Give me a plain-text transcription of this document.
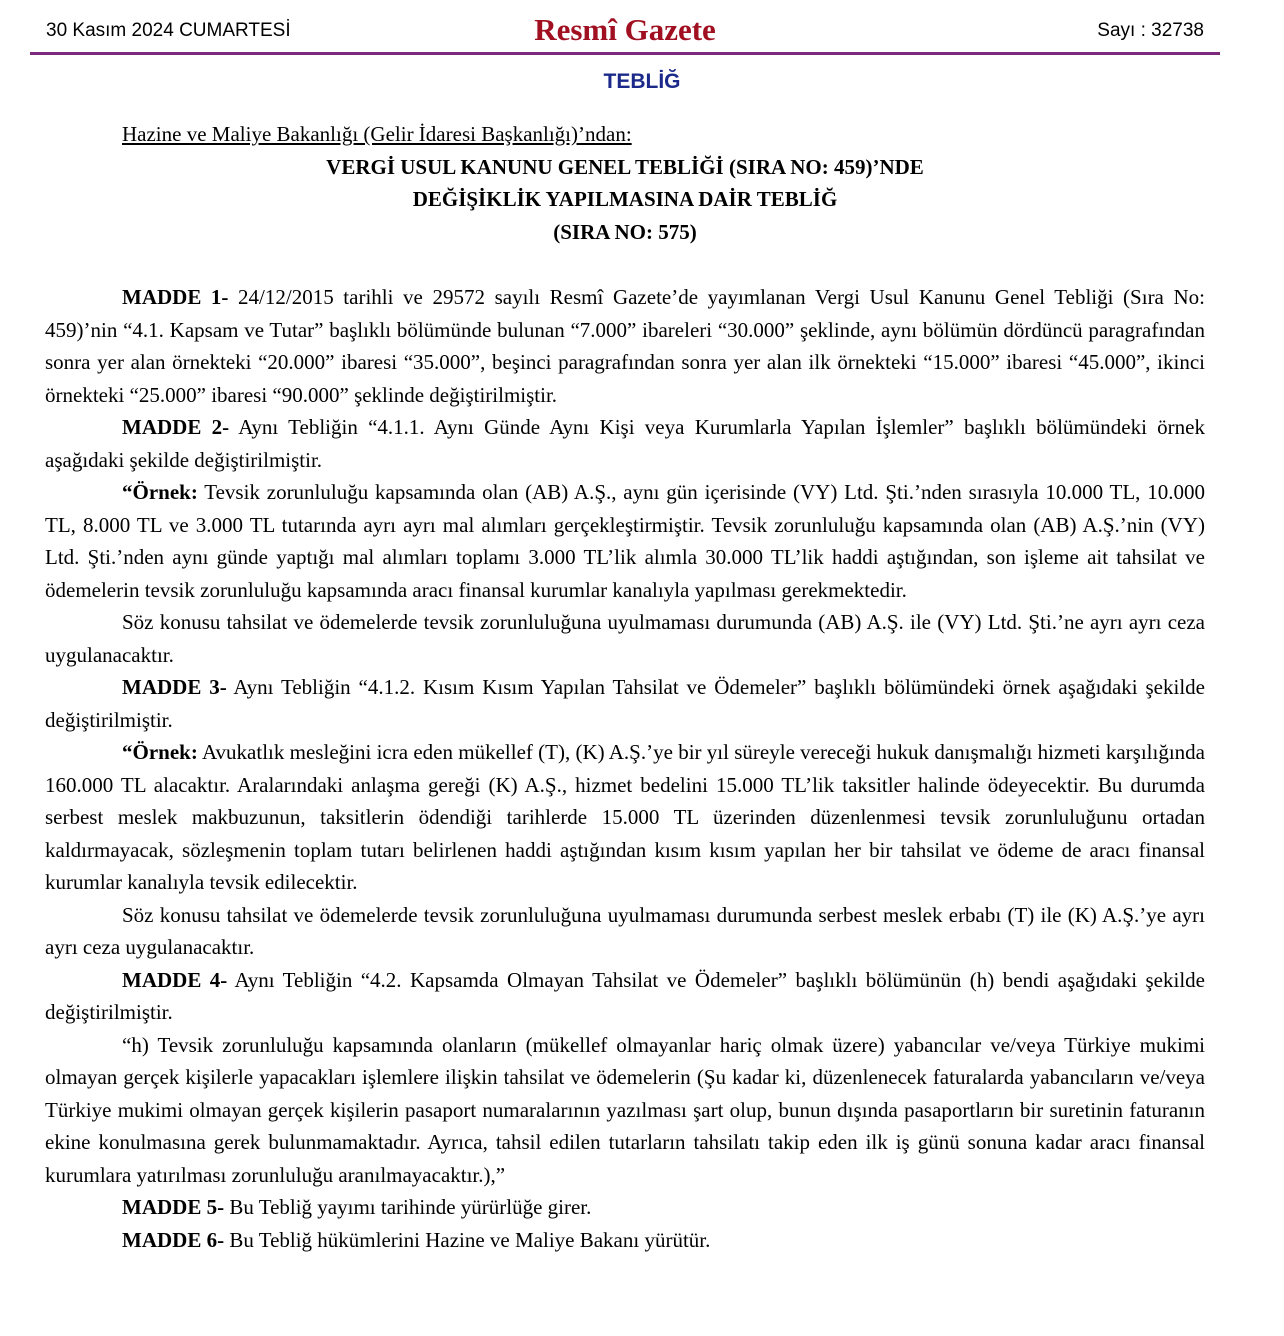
30 Kasım 2024 CUMARTESİ	Resmî Gazete	Sayı : 32738
TEBLİĞ
Hazine ve Maliye Bakanlığı (Gelir İdaresi Başkanlığı)’ndan:
VERGİ USUL KANUNU GENEL TEBLİĞİ (SIRA NO: 459)’NDE
DEĞİŞİKLİK YAPILMASINA DAİR TEBLİĞ
(SIRA NO: 575)

MADDE 1- 24/12/2015 tarihli ve 29572 sayılı Resmî Gazete’de yayımlanan Vergi Usul Kanunu Genel Tebliği (Sıra No: 459)’nin “4.1. Kapsam ve Tutar” başlıklı bölümünde bulunan “7.000” ibareleri “30.000” şeklinde, aynı bölümün dördüncü paragrafından sonra yer alan örnekteki “20.000” ibaresi “35.000”, beşinci paragrafından sonra yer alan ilk örnekteki “15.000” ibaresi “45.000”, ikinci örnekteki “25.000” ibaresi “90.000” şeklinde değiştirilmiştir.

MADDE 2- Aynı Tebliğin “4.1.1. Aynı Günde Aynı Kişi veya Kurumlarla Yapılan İşlemler” başlıklı bölümündeki örnek aşağıdaki şekilde değiştirilmiştir.

“Örnek: Tevsik zorunluluğu kapsamında olan (AB) A.Ş., aynı gün içerisinde (VY) Ltd. Şti.’nden sırasıyla 10.000 TL, 10.000 TL, 8.000 TL ve 3.000 TL tutarında ayrı ayrı mal alımları gerçekleştirmiştir. Tevsik zorunluluğu kapsamında olan (AB) A.Ş.’nin (VY) Ltd. Şti.’nden aynı günde yaptığı mal alımları toplamı 3.000 TL’lik alımla 30.000 TL’lik haddi aştığından, son işleme ait tahsilat ve ödemelerin tevsik zorunluluğu kapsamında aracı finansal kurumlar kanalıyla yapılması gerekmektedir.

Söz konusu tahsilat ve ödemelerde tevsik zorunluluğuna uyulmaması durumunda (AB) A.Ş. ile (VY) Ltd. Şti.’ne ayrı ayrı ceza uygulanacaktır.

MADDE 3- Aynı Tebliğin “4.1.2. Kısım Kısım Yapılan Tahsilat ve Ödemeler” başlıklı bölümündeki örnek aşağıdaki şekilde değiştirilmiştir.

“Örnek: Avukatlık mesleğini icra eden mükellef (T), (K) A.Ş.’ye bir yıl süreyle vereceği hukuk danışmalığı hizmeti karşılığında 160.000 TL alacaktır. Aralarındaki anlaşma gereği (K) A.Ş., hizmet bedelini 15.000 TL’lik taksitler halinde ödeyecektir. Bu durumda serbest meslek makbuzunun, taksitlerin ödendiği tarihlerde 15.000 TL üzerinden düzenlenmesi tevsik zorunluluğunu ortadan kaldırmayacak, sözleşmenin toplam tutarı belirlenen haddi aştığından kısım kısım yapılan her bir tahsilat ve ödeme de aracı finansal kurumlar kanalıyla tevsik edilecektir.

Söz konusu tahsilat ve ödemelerde tevsik zorunluluğuna uyulmaması durumunda serbest meslek erbabı (T) ile (K) A.Ş.’ye ayrı ayrı ceza uygulanacaktır.

MADDE 4- Aynı Tebliğin “4.2. Kapsamda Olmayan Tahsilat ve Ödemeler” başlıklı bölümünün (h) bendi aşağıdaki şekilde değiştirilmiştir.

“h) Tevsik zorunluluğu kapsamında olanların (mükellef olmayanlar hariç olmak üzere) yabancılar ve/veya Türkiye mukimi olmayan gerçek kişilerle yapacakları işlemlere ilişkin tahsilat ve ödemelerin (Şu kadar ki, düzenlenecek faturalarda yabancıların ve/veya Türkiye mukimi olmayan gerçek kişilerin pasaport numaralarının yazılması şart olup, bunun dışında pasaportların bir suretinin faturanın ekine konulmasına gerek bulunmamaktadır. Ayrıca, tahsil edilen tutarların tahsilatı takip eden ilk iş günü sonuna kadar aracı finansal kurumlara yatırılması zorunluluğu aranılmayacaktır.),”

MADDE 5- Bu Tebliğ yayımı tarihinde yürürlüğe girer.

MADDE 6- Bu Tebliğ hükümlerini Hazine ve Maliye Bakanı yürütür.
